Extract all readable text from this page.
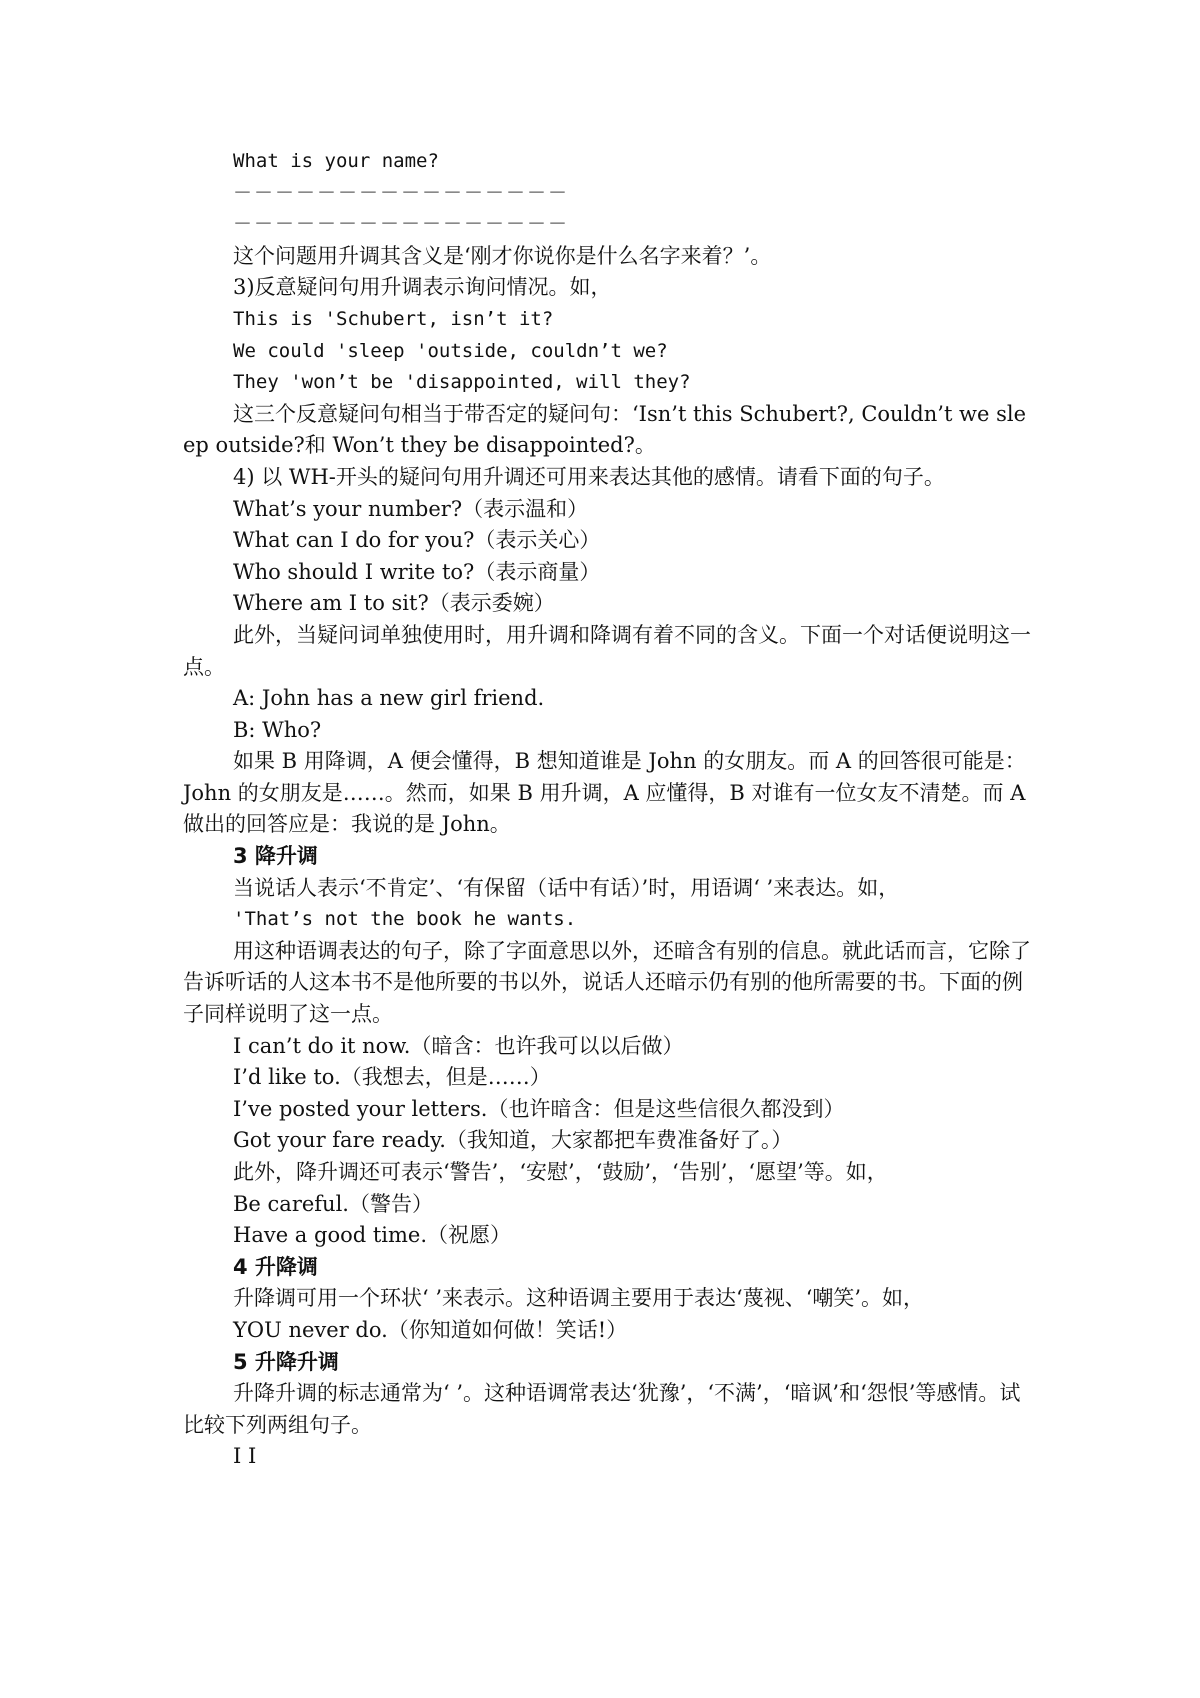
What is your name?

－－－－－－－－－－－－－－－－

－－－－－－－－－－－－－－－－

这个问题用升调其含义是‘刚才你说你是什么名字来着？’。

3)反意疑问句用升调表示询问情况。如，

This is 'Schubert, isn’t it?

We could 'sleep 'outside, couldn’t we?

They 'won’t be 'disappointed, will they?

这三个反意疑问句相当于带否定的疑问句：‘Isn’t this Schubert?, Couldn’t we sleep outside?和 Won’t they be disappointed?。

4) 以 WH-开头的疑问句用升调还可用来表达其他的感情。请看下面的句子。

What’s your number?（表示温和）

What can I do for you?（表示关心）

Who should I write to?（表示商量）

Where am I to sit?（表示委婉）

此外，当疑问词单独使用时，用升调和降调有着不同的含义。下面一个对话便说明这一点。

A: John has a new girl friend.

B: Who?

如果 B 用降调，A 便会懂得，B 想知道谁是 John 的女朋友。而 A 的回答很可能是：John 的女朋友是……。然而，如果 B 用升调，A 应懂得，B 对谁有一位女友不清楚。而 A 做出的回答应是：我说的是 John。

3 降升调

当说话人表示‘不肯定’、‘有保留（话中有话）’时，用语调‘ ’来表达。如，

'That’s not the book he wants.

用这种语调表达的句子，除了字面意思以外，还暗含有别的信息。就此话而言，它除了告诉听话的人这本书不是他所要的书以外，说话人还暗示仍有别的他所需要的书。下面的例子同样说明了这一点。

I can’t do it now.（暗含：也许我可以以后做）

I’d like to.（我想去，但是……）

I’ve posted your letters.（也许暗含：但是这些信很久都没到）

Got your fare ready.（我知道，大家都把车费准备好了。）

此外，降升调还可表示‘警告’，‘安慰’，‘鼓励’，‘告别’，‘愿望’等。如，

Be careful.（警告）

Have a good time.（祝愿）

4 升降调

升降调可用一个环状‘ ’来表示。这种语调主要用于表达‘蔑视、‘嘲笑’。如，

YOU never do.（你知道如何做！笑话!）

5 升降升调

升降升调的标志通常为‘ ’。这种语调常表达‘犹豫’，‘不满’，‘暗讽’和‘怨恨’等感情。试比较下列两组句子。

I I
